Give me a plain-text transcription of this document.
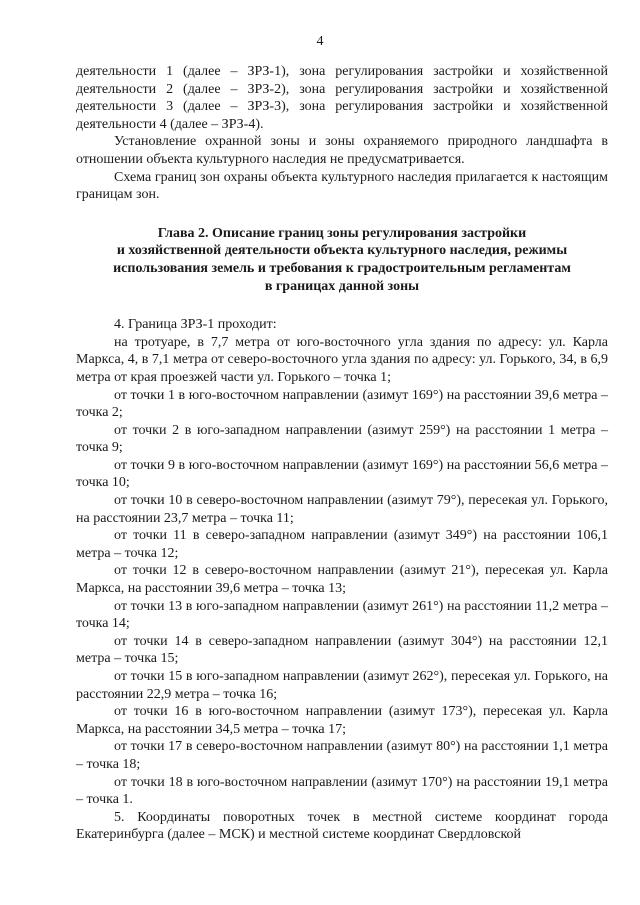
4

деятельности 1 (далее – ЗРЗ-1), зона регулирования застройки и хозяйственной деятельности 2 (далее – ЗРЗ-2), зона регулирования застройки и хозяйственной деятельности 3 (далее – ЗРЗ-3), зона регулирования застройки и хозяйственной деятельности 4 (далее – ЗРЗ-4).

Установление охранной зоны и зоны охраняемого природного ландшафта в отношении объекта культурного наследия не предусматривается.

Схема границ зон охраны объекта культурного наследия прилагается к настоящим границам зон.

Глава 2. Описание границ зоны регулирования застройки
и хозяйственной деятельности объекта культурного наследия, режимы
использования земель и требования к градостроительным регламентам
в границах данной зоны

4. Граница ЗРЗ-1 проходит:

на тротуаре, в 7,7 метра от юго-восточного угла здания по адресу: ул. Карла Маркса, 4, в 7,1 метра от северо-восточного угла здания по адресу: ул. Горького, 34, в 6,9 метра от края проезжей части ул. Горького – точка 1;

от точки 1 в юго-восточном направлении (азимут 169°) на расстоянии 39,6 метра – точка 2;

от точки 2 в юго-западном направлении (азимут 259°) на расстоянии 1 метра – точка 9;

от точки 9 в юго-восточном направлении (азимут 169°) на расстоянии 56,6 метра – точка 10;

от точки 10 в северо-восточном направлении (азимут 79°), пересекая ул. Горького, на расстоянии 23,7 метра – точка 11;

от точки 11 в северо-западном направлении (азимут 349°) на расстоянии 106,1 метра – точка 12;

от точки 12 в северо-восточном направлении (азимут 21°), пересекая ул. Карла Маркса, на расстоянии 39,6 метра – точка 13;

от точки 13 в юго-западном направлении (азимут 261°) на расстоянии 11,2 метра – точка 14;

от точки 14 в северо-западном направлении (азимут 304°) на расстоянии 12,1 метра – точка 15;

от точки 15 в юго-западном направлении (азимут 262°), пересекая ул. Горького, на расстоянии 22,9 метра – точка 16;

от точки 16 в юго-восточном направлении (азимут 173°), пересекая ул. Карла Маркса, на расстоянии 34,5 метра – точка 17;

от точки 17 в северо-восточном направлении (азимут 80°) на расстоянии 1,1 метра – точка 18;

от точки 18 в юго-восточном направлении (азимут 170°) на расстоянии 19,1 метра – точка 1.

5. Координаты поворотных точек в местной системе координат города Екатеринбурга (далее – МСК) и местной системе координат Свердловской
